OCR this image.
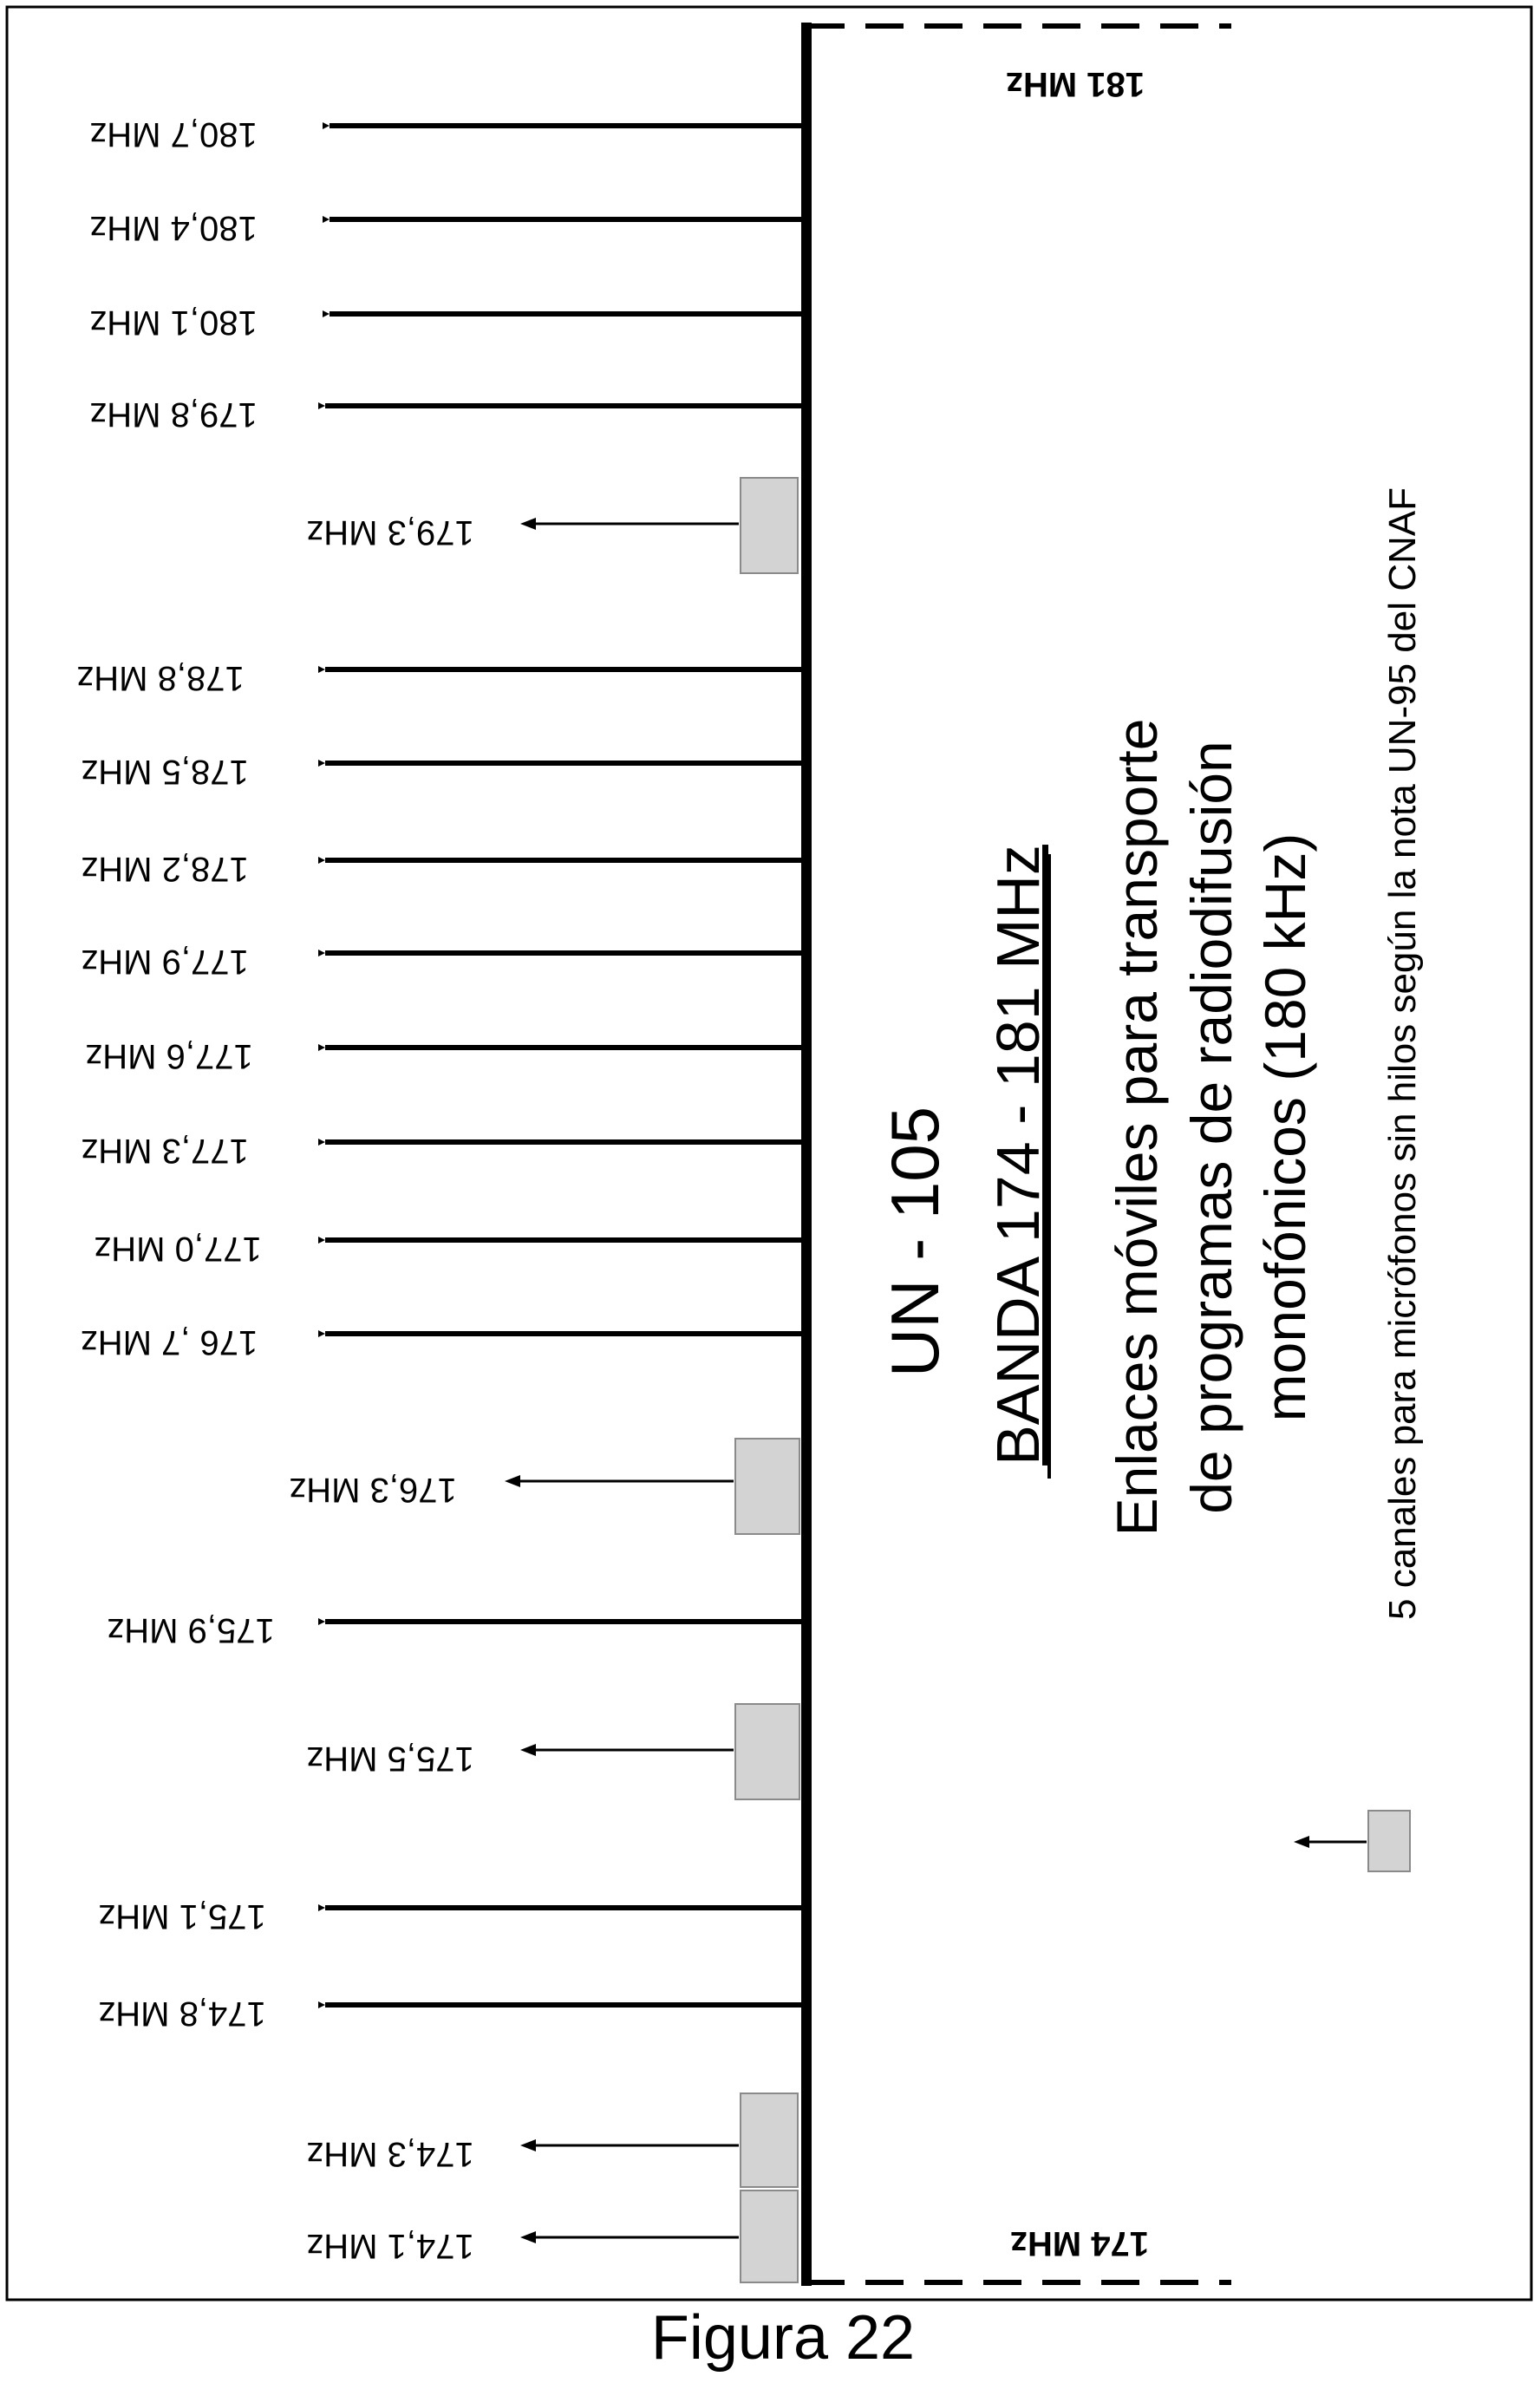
181 MHz
174 MHz
180,7 MHz
180,4 MHz
180,1 MHz
179,8 MHz
178,8 MHz
178,5 MHz
178,2 MHz
177,9 MHz
177,6 MHz
177,3 MHz
177,0 MHz
176 ,7 MHz
175,9 MHz
175,1 MHz
174,8 MHz
179,3 MHz
176,3 MHz
175,5 MHz
174,3 MHz
174,1 MHz
UN - 105 BANDA 174 - 181 MHz Enlaces móviles para transporte de programas de radiodifusión monofónicos (180 kHz) 5 canales para micrófonos sin hilos según la nota UN-95 del CNAF
Figura 22
